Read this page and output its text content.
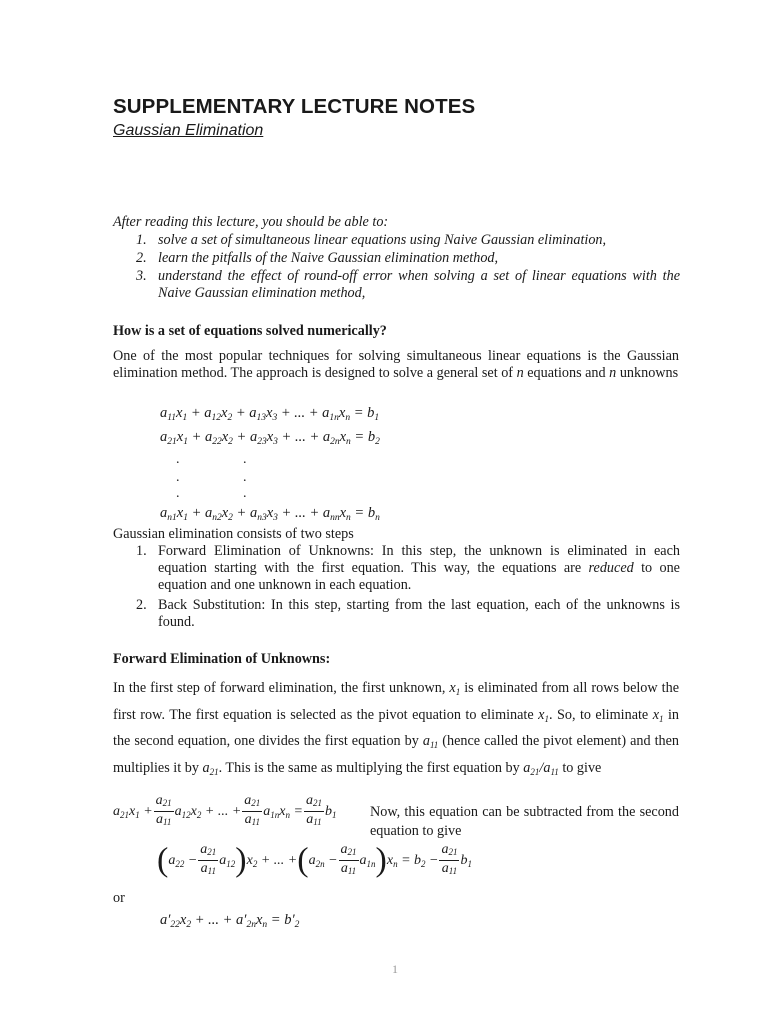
SUPPLEMENTARY LECTURE NOTES
Gaussian Elimination
After reading this lecture, you should be able to:
1. solve a set of simultaneous linear equations using Naive Gaussian elimination,
2. learn the pitfalls of the Naive Gaussian elimination method,
3. understand the effect of round-off error when solving a set of linear equations with the Naive Gaussian elimination method,
How is a set of equations solved numerically?
One of the most popular techniques for solving simultaneous linear equations is the Gaussian elimination method. The approach is designed to solve a general set of n equations and n unknowns
$a_{11}x_1 + a_{12}x_2 + a_{13}x_3$ + ... + $a_{1n}x_n = b_1$
$a_{21}x_1 + a_{22}x_2 + a_{23}x_3$ + ... + $a_{2n}x_n = b_2$
.	.
.	.
.	.
$a_{n1}x_1 + a_{n2}x_2 + a_{n3}x_3$ + ... + $a_{nn}x_n = b_n$
Gaussian elimination consists of two steps
1. Forward Elimination of Unknowns: In this step, the unknown is eliminated in each equation starting with the first equation. This way, the equations are reduced to one equation and one unknown in each equation.
2. Back Substitution: In this step, starting from the last equation, each of the unknowns is found.
Forward Elimination of Unknowns:
In the first step of forward elimination, the first unknown, $x_1$ is eliminated from all rows below the first row. The first equation is selected as the pivot equation to eliminate $x_1$. So, to eliminate $x_1$ in the second equation, one divides the first equation by $a_{11}$ (hence called the pivot element) and then multiplies it by $a_{21}$. This is the same as multiplying the first equation by $a_{21}/a_{11}$ to give
$a_{21}x_1 + \frac{a_{21}}{a_{11}} a_{12}x_2$ + ... + $\frac{a_{21}}{a_{11}} a_{1n}x_n = \frac{a_{21}}{a_{11}} b_1$ Now, this equation can be subtracted from the second equation to give
$(a_{22} - \frac{a_{21}}{a_{11}} a_{12})x_2$ + ... $+(a_{2n} - \frac{a_{21}}{a_{11}} a_{1n})x_n = b_2 - \frac{a_{21}}{a_{11}} b_1$
or
$a'_{22}x_2$ + ... + $a'_{2n}x_n = b'_2$
1
